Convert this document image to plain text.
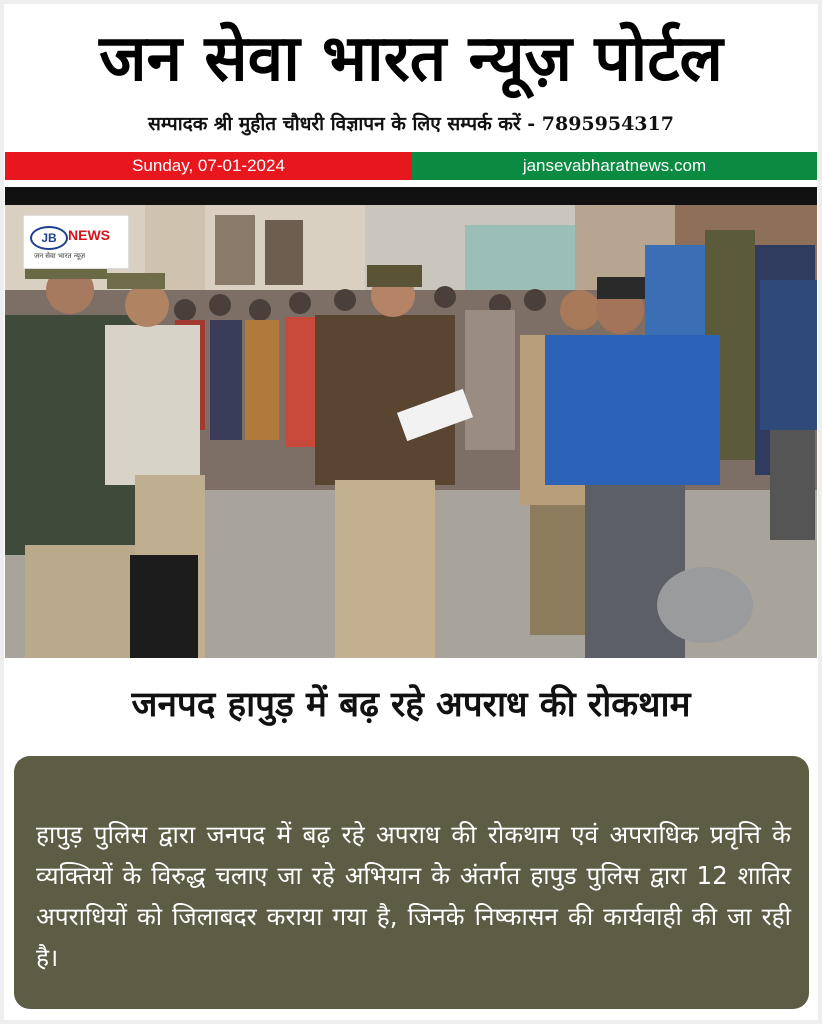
जन सेवा भारत न्यूज़ पोर्टल
सम्पादक श्री मुहीत चौधरी विज्ञापन के लिए सम्पर्क करें - 7895954317
Sunday, 07-01-2024	jansevabharatnews.com
JB NEWS
जन सेवा भारत न्यूज़
जनपद हापुड़ में बढ़ रहे अपराध की रोकथाम
हापुड़ पुलिस द्वारा जनपद में बढ़ रहे अपराध की रोकथाम एवं अपराधिक प्रवृत्ति के व्यक्तियों के विरुद्ध चलाए जा रहे अभियान के अंतर्गत हापुड पुलिस द्वारा 12 शातिर अपराधियों को जिलाबदर कराया गया है, जिनके निष्कासन की कार्यवाही की जा रही है।
